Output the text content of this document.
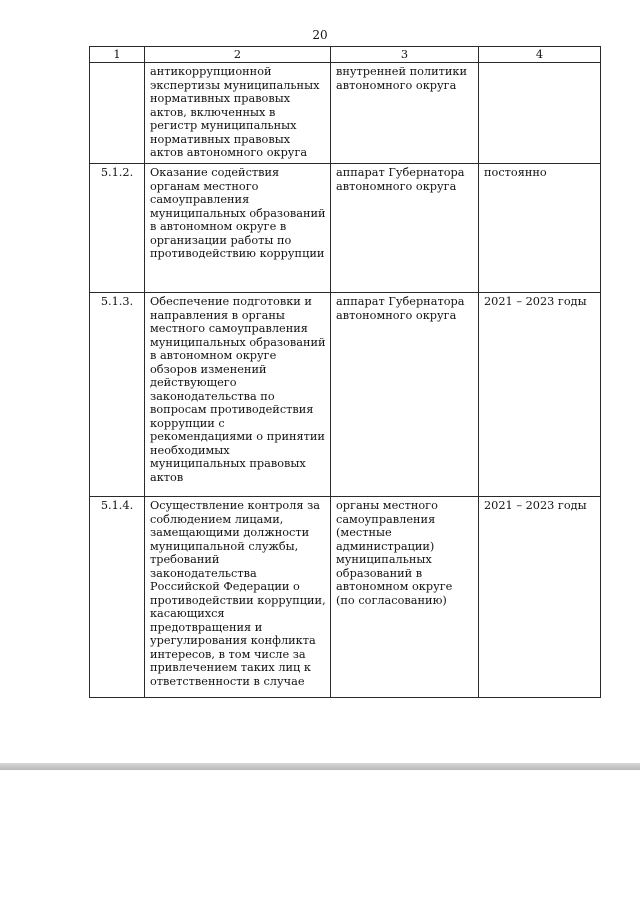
20
1	2	3	4
	антикоррупционной экспертизы муниципальных нормативных правовых актов, включенных в регистр муниципальных нормативных правовых актов автономного округа	внутренней политики автономного округа	
5.1.2.	Оказание содействия органам местного самоуправления муниципальных образований в автономном округе в организации работы по противодействию коррупции	аппарат Губернатора автономного округа	постоянно
5.1.3.	Обеспечение подготовки и направления в органы местного самоуправления муниципальных образований в автономном округе обзоров изменений действующего законодательства по вопросам противодействия коррупции с рекомендациями о принятии необходимых муниципальных правовых актов	аппарат Губернатора автономного округа	2021 – 2023 годы
5.1.4.	Осуществление контроля за соблюдением лицами, замещающими должности муниципальной службы, требований законодательства Российской Федерации о противодействии коррупции, касающихся предотвращения и урегулирования конфликта интересов, в том числе за привлечением таких лиц к ответственности в случае	органы местного самоуправления (местные администрации) муниципальных образований в автономном округе (по согласованию)	2021 – 2023 годы
